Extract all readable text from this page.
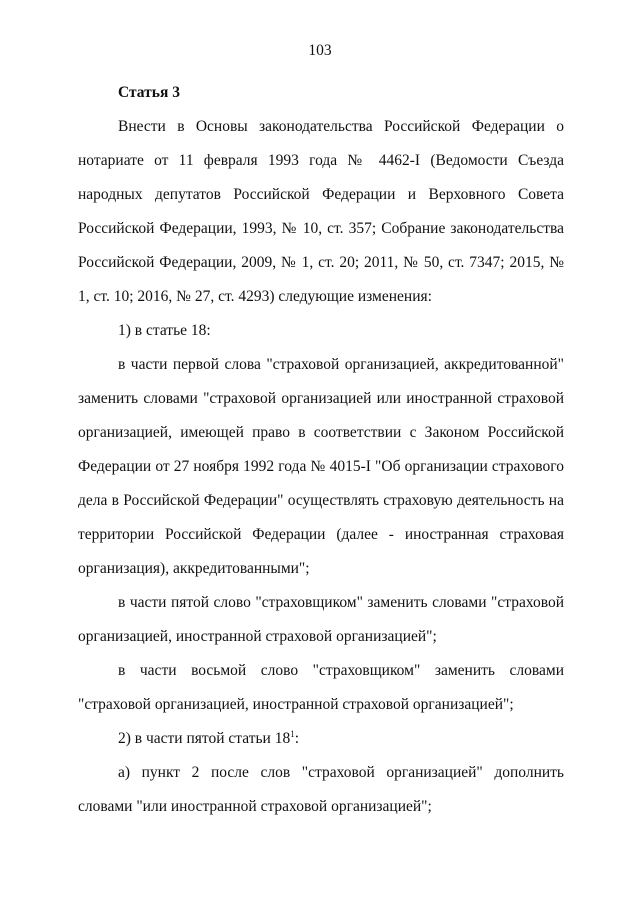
103
Статья 3

Внести в Основы законодательства Российской Федерации о нотариате от 11 февраля 1993 года № 4462-I (Ведомости Съезда народных депутатов Российской Федерации и Верховного Совета Российской Федерации, 1993, № 10, ст. 357; Собрание законодательства Российской Федерации, 2009, № 1, ст. 20; 2011, № 50, ст. 7347; 2015, № 1, ст. 10; 2016, № 27, ст. 4293) следующие изменения:

1) в статье 18:

в части первой слова "страховой организацией, аккредитованной" заменить словами "страховой организацией или иностранной страховой организацией, имеющей право в соответствии с Законом Российской Федерации от 27 ноября 1992 года № 4015-I "Об организации страхового дела в Российской Федерации" осуществлять страховую деятельность на территории Российской Федерации (далее - иностранная страховая организация), аккредитованными";

в части пятой слово "страховщиком" заменить словами "страховой организацией, иностранной страховой организацией";

в части восьмой слово "страховщиком" заменить словами "страховой организацией, иностранной страховой организацией";

2) в части пятой статьи $18^1$:

а) пункт 2 после слов "страховой организацией" дополнить словами "или иностранной страховой организацией";
